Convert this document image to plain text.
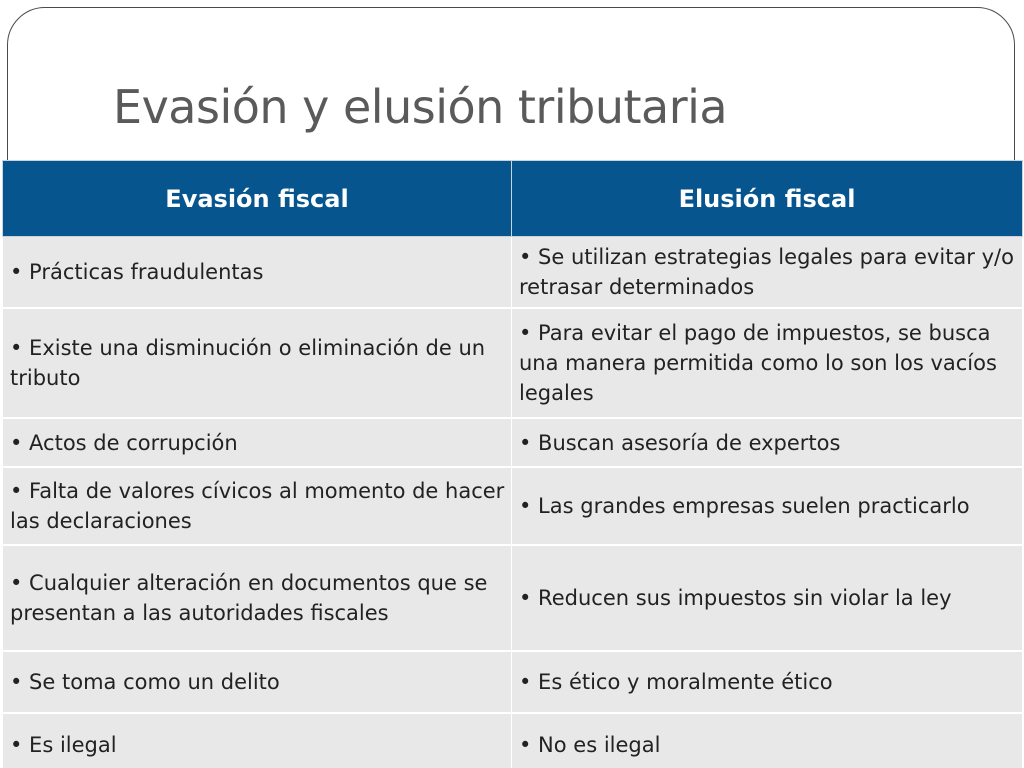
Evasión y elusión tributaria
Evasión fiscal	Elusión fiscal
• Prácticas fraudulentas	• Se utilizan estrategias legales para evitar y/o retrasar determinados
• Existe una disminución o eliminación de un tributo	• Para evitar el pago de impuestos, se busca una manera permitida como lo son los vacíos legales
• Actos de corrupción	• Buscan asesoría de expertos
• Falta de valores cívicos al momento de hacer las declaraciones	• Las grandes empresas suelen practicarlo
• Cualquier alteración en documentos que se presentan a las autoridades fiscales	• Reducen sus impuestos sin violar la ley
• Se toma como un delito	• Es ético y moralmente ético
• Es ilegal	• No es ilegal
